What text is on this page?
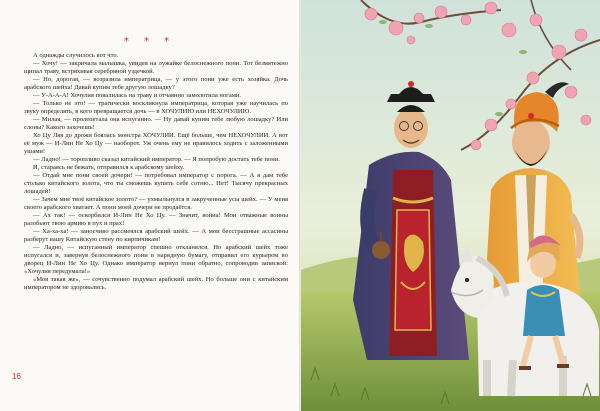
* * *

А однажды случилось вот что.

— Хочу! — закричала малышка, увидев на лужайке белоснежного пони. Тот безмятежно щипал траву, встряхивая серебряной уздечкой.

— Но, дорогая, — возразила императрица, — у этого пони уже есть хозяйка. Дочь арабского шейха! Давай купим тебе другую лошадку?

— У-А-А-А! Хочулия повалилась на траву и отчаянно замолотила ногами.

— Только не это! — трагически воскликнула императрица, которая уже научилась по звуку определять, в кого превращается дочь — в ХОЧУЛИЮ или НЕХОЧУЛИЮ.

— Милая, — пролепетала она испуганно. — Ну давай купим тебе любую лошадку? Или слоны? Какого захочешь!

Хо Цу Ляя до дрожи боялась монстра ХОЧУЛИИ. Ещё больше, чем НЕХОЧУЛИИ. А вот её муж — И-Лин Не Хо Цу — наоборот. Уж очень ему не нравилось ходить с заложенными ушами!

— Ладно! — торопливо сказал китайский император. — Я попробую достать тебе пони.

И, стараясь не бежать, отправился к арабскому шейху.

— Отдай мне пони своей дочери! — потребовал император с порога. — А я дам тебе столько китайского золота, что ты сможешь купить себе сотню... Нет! Тысячу прекрасных лошадей!

— Зачем мне твоё китайское золото? — ухмыльнулся в закрученные усы шейх. — У меня своего арабского хватает. А пони моей дочери не продаётся.

— Ах так! — оскорбился И-Лин Не Хо Цу. — Значит, война! Мои отважные воины разобьют твою армию в пух и прах!

— Ха-ха-ха! — заносчиво рассмеялся арабский шейх. — А мои бесстрашные ассасины разберут вашу Китайскую стену по кирпичикам!

— Ладно, — испуганный император спешно откланялся. Но арабский шейх тоже испугался и, завернув белоснежного пони в нарядную бумагу, отправил его курьером во дворец И-Лин Не Хо Цу. Однако император вернул пони обратно, сопроводив запиской: «Хочулия передумала!»

«Моя такая же», — сочувственно подумал арабский шейх. Но больше они с китайским императором не здоровались.

16
